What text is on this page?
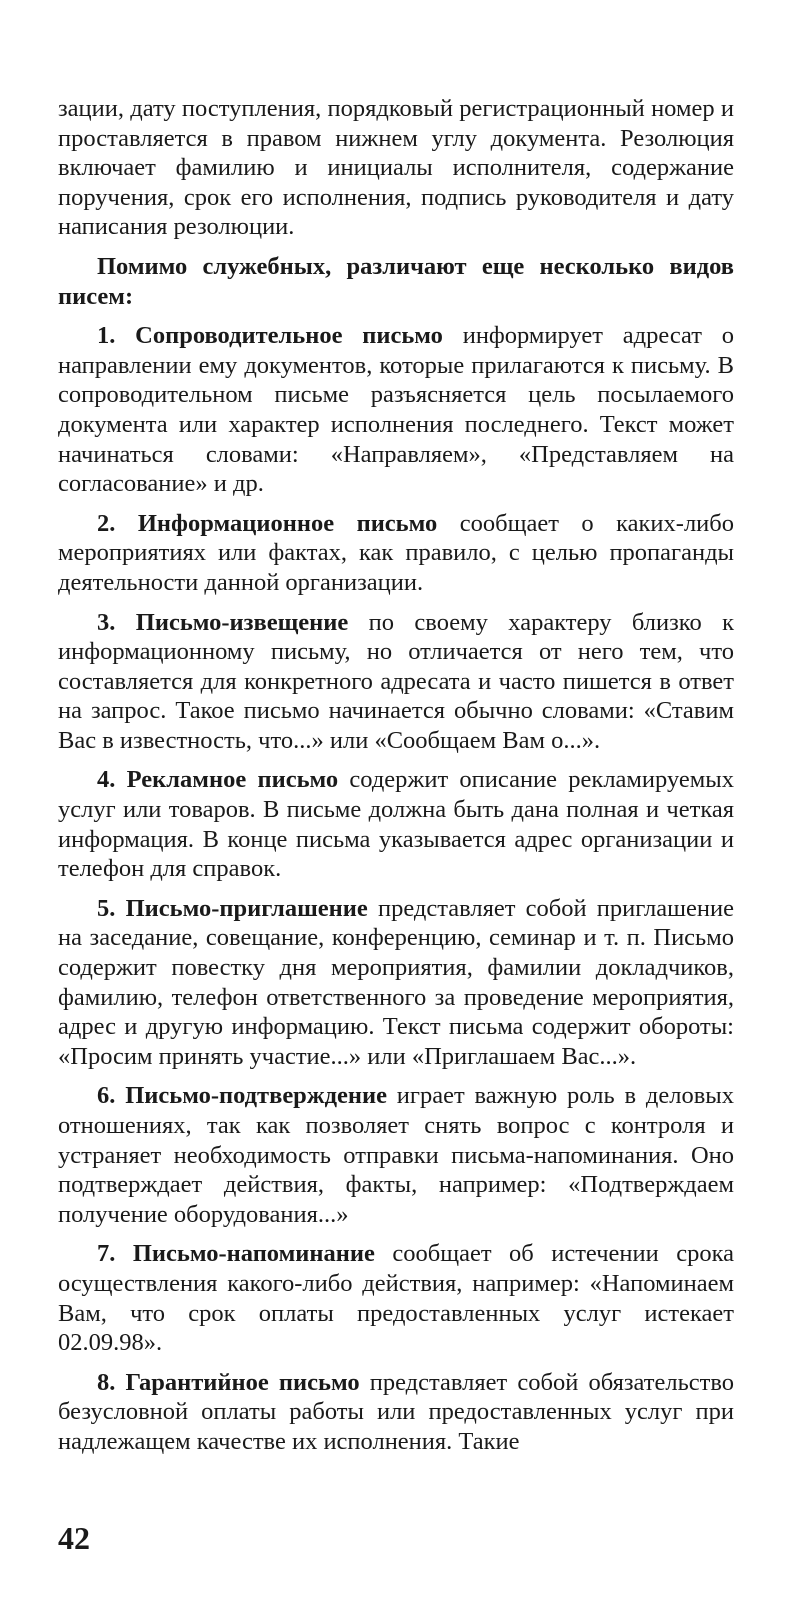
зации, дату поступления, порядковый регистрационный номер и проставляется в правом нижнем углу документа. Резолюция включает фамилию и инициалы исполнителя, содержание поручения, срок его исполнения, подпись руководителя и дату написания резолюции.

Помимо служебных, различают еще несколько видов писем:

1. Сопроводительное письмо информирует адресат о направлении ему документов, которые прилагаются к письму. В сопроводительном письме разъясняется цель посылаемого документа или характер исполнения последнего. Текст может начинаться словами: «Направляем», «Представляем на согласование» и др.

2. Информационное письмо сообщает о каких-либо мероприятиях или фактах, как правило, с целью пропаганды деятельности данной организации.

3. Письмо-извещение по своему характеру близко к информационному письму, но отличается от него тем, что составляется для конкретного адресата и часто пишется в ответ на запрос. Такое письмо начинается обычно словами: «Ставим Вас в известность, что...» или «Сообщаем Вам о...».

4. Рекламное письмо содержит описание рекламируемых услуг или товаров. В письме должна быть дана полная и четкая информация. В конце письма указывается адрес организации и телефон для справок.

5. Письмо-приглашение представляет собой приглашение на заседание, совещание, конференцию, семинар и т. п. Письмо содержит повестку дня мероприятия, фамилии докладчиков, фамилию, телефон ответственного за проведение мероприятия, адрес и другую информацию. Текст письма содержит обороты: «Просим принять участие...» или «Приглашаем Вас...».

6. Письмо-подтверждение играет важную роль в деловых отношениях, так как позволяет снять вопрос с контроля и устраняет необходимость отправки письма-напоминания. Оно подтверждает действия, факты, например: «Подтверждаем получение оборудования...»

7. Письмо-напоминание сообщает об истечении срока осуществления какого-либо действия, например: «Напоминаем Вам, что срок оплаты предоставленных услуг истекает 02.09.98».

8. Гарантийное письмо представляет собой обязательство безусловной оплаты работы или предоставленных услуг при надлежащем качестве их исполнения. Такие

42
